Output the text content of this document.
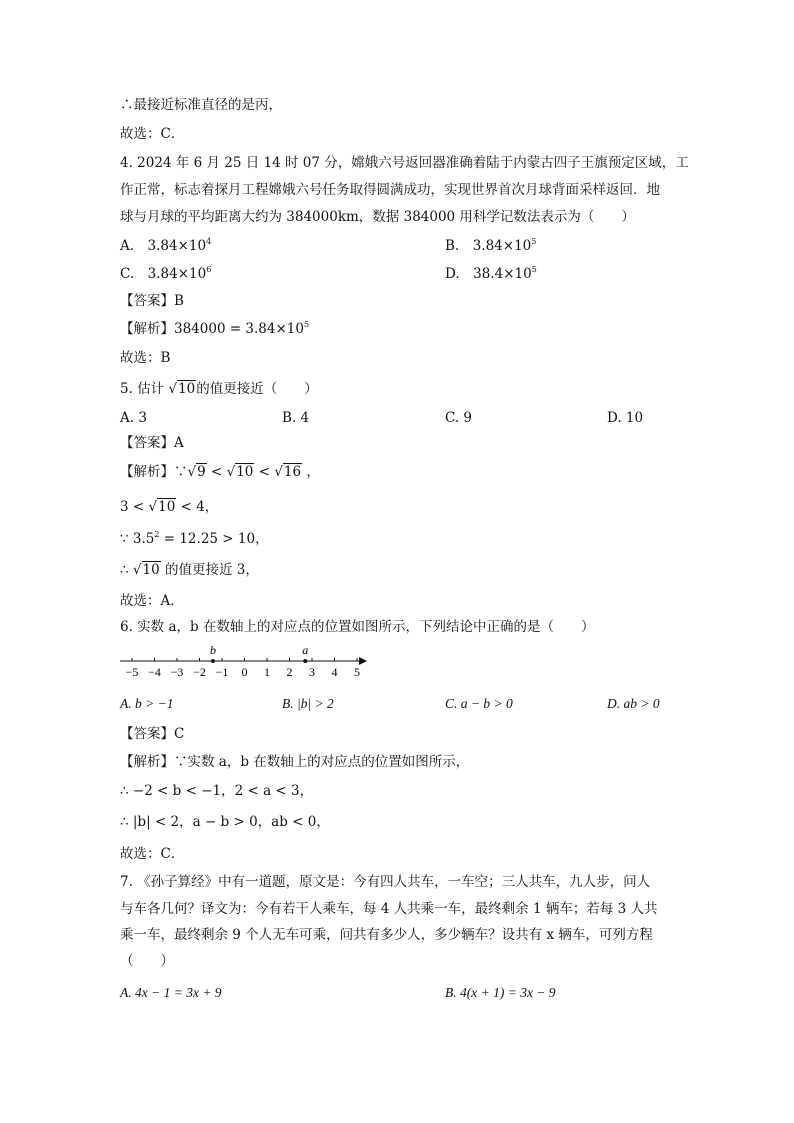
∴最接近标准直径的是丙，
故选：C．
4. 2024 年 6 月 25 日 14 时 07 分，嫦娥六号返回器准确着陆于内蒙古四子王旗预定区域，工
作正常，标志着探月工程嫦娥六号任务取得圆满成功，实现世界首次月球背面采样返回．地
球与月球的平均距离大约为 384000km，数据 384000 用科学记数法表示为（　　）
A.　$3.84\times 10^4$	B.　$3.84\times 10^5$
C.　$3.84\times 10^6$	D.　$38.4\times 10^5$
【答案】B
【解析】$384000 = 3.84\times 10^5$
故选：B
5. 估计 √10的值更接近（　　）
A. 3	B. 4	C. 9	D. 10
【答案】A
【解析】∵√9 < √10 < √16 ，
3 < √10 < 4，
∵ $3.5^2 = 12.25 > 10$，
∴ √10 的值更接近 3，
故选：A．
6. 实数 a，b 在数轴上的对应点的位置如图所示，下列结论中正确的是（　　）
−5 −4 −3 −2 −1 0 1 2 3 4 5
b	a
A. b > −1	B. |b| > 2	C. a − b > 0	D. ab > 0
【答案】C
【解析】∵实数 a，b 在数轴上的对应点的位置如图所示，
∴ −2 < b < −1，2 < a < 3，
∴ |b| < 2，a − b > 0，ab < 0，
故选：C．
7. 《孙子算经》中有一道题，原文是：今有四人共车，一车空；三人共车，九人步，问人
与车各几何？译文为：今有若干人乘车，每 4 人共乘一车，最终剩余 1 辆车；若每 3 人共
乘一车，最终剩余 9 个人无车可乘，问共有多少人，多少辆车？设共有 x 辆车，可列方程
（　　）
A. 4x − 1 = 3x + 9	B. 4(x + 1) = 3x − 9
